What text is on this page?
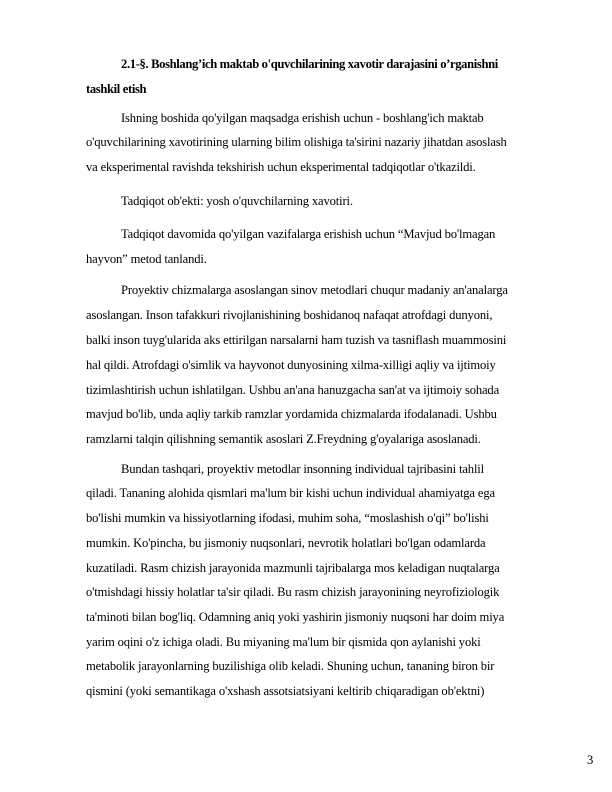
2.1-§. Boshlang’ich maktab o'quvchilarining xavotir darajasini o’rganishni
tashkil etish
Ishning boshida qo'yilgan maqsadga erishish uchun - boshlang'ich maktab
o'quvchilarining xavotirining ularning bilim olishiga ta'sirini nazariy jihatdan asoslash
va eksperimental ravishda tekshirish uchun eksperimental tadqiqotlar o'tkazildi.
Tadqiqot ob'ekti: yosh o'quvchilarning xavotiri.
Tadqiqot davomida qo'yilgan vazifalarga erishish uchun “Mavjud bo'lmagan
hayvon” metod tanlandi.
Proyektiv chizmalarga asoslangan sinov metodlari chuqur madaniy an'analarga
asoslangan. Inson tafakkuri rivojlanishining boshidanoq nafaqat atrofdagi dunyoni,
balki inson tuyg'ularida aks ettirilgan narsalarni ham tuzish va tasniflash muammosini
hal qildi. Atrofdagi o'simlik va hayvonot dunyosining xilma-xilligi aqliy va ijtimoiy
tizimlashtirish uchun ishlatilgan. Ushbu an'ana hanuzgacha san'at va ijtimoiy sohada
mavjud bo'lib, unda aqliy tarkib ramzlar yordamida chizmalarda ifodalanadi. Ushbu
ramzlarni talqin qilishning semantik asoslari Z.Freydning g'oyalariga asoslanadi.
Bundan tashqari, proyektiv metodlar insonning individual tajribasini tahlil
qiladi. Tananing alohida qismlari ma'lum bir kishi uchun individual ahamiyatga ega
bo'lishi mumkin va hissiyotlarning ifodasi, muhim soha, “moslashish o'qi” bo'lishi
mumkin. Ko'pincha, bu jismoniy nuqsonlari, nevrotik holatlari bo'lgan odamlarda
kuzatiladi. Rasm chizish jarayonida mazmunli tajribalarga mos keladigan nuqtalarga
o'tmishdagi hissiy holatlar ta'sir qiladi. Bu rasm chizish jarayonining neyrofiziologik
ta'minoti bilan bog'liq. Odamning aniq yoki yashirin jismoniy nuqsoni har doim miya
yarim oqini o'z ichiga oladi. Bu miyaning ma'lum bir qismida qon aylanishi yoki
metabolik jarayonlarning buzilishiga olib keladi. Shuning uchun, tananing biron bir
qismini (yoki semantikaga o'xshash assotsiatsiyani keltirib chiqaradigan ob'ektni)
3
